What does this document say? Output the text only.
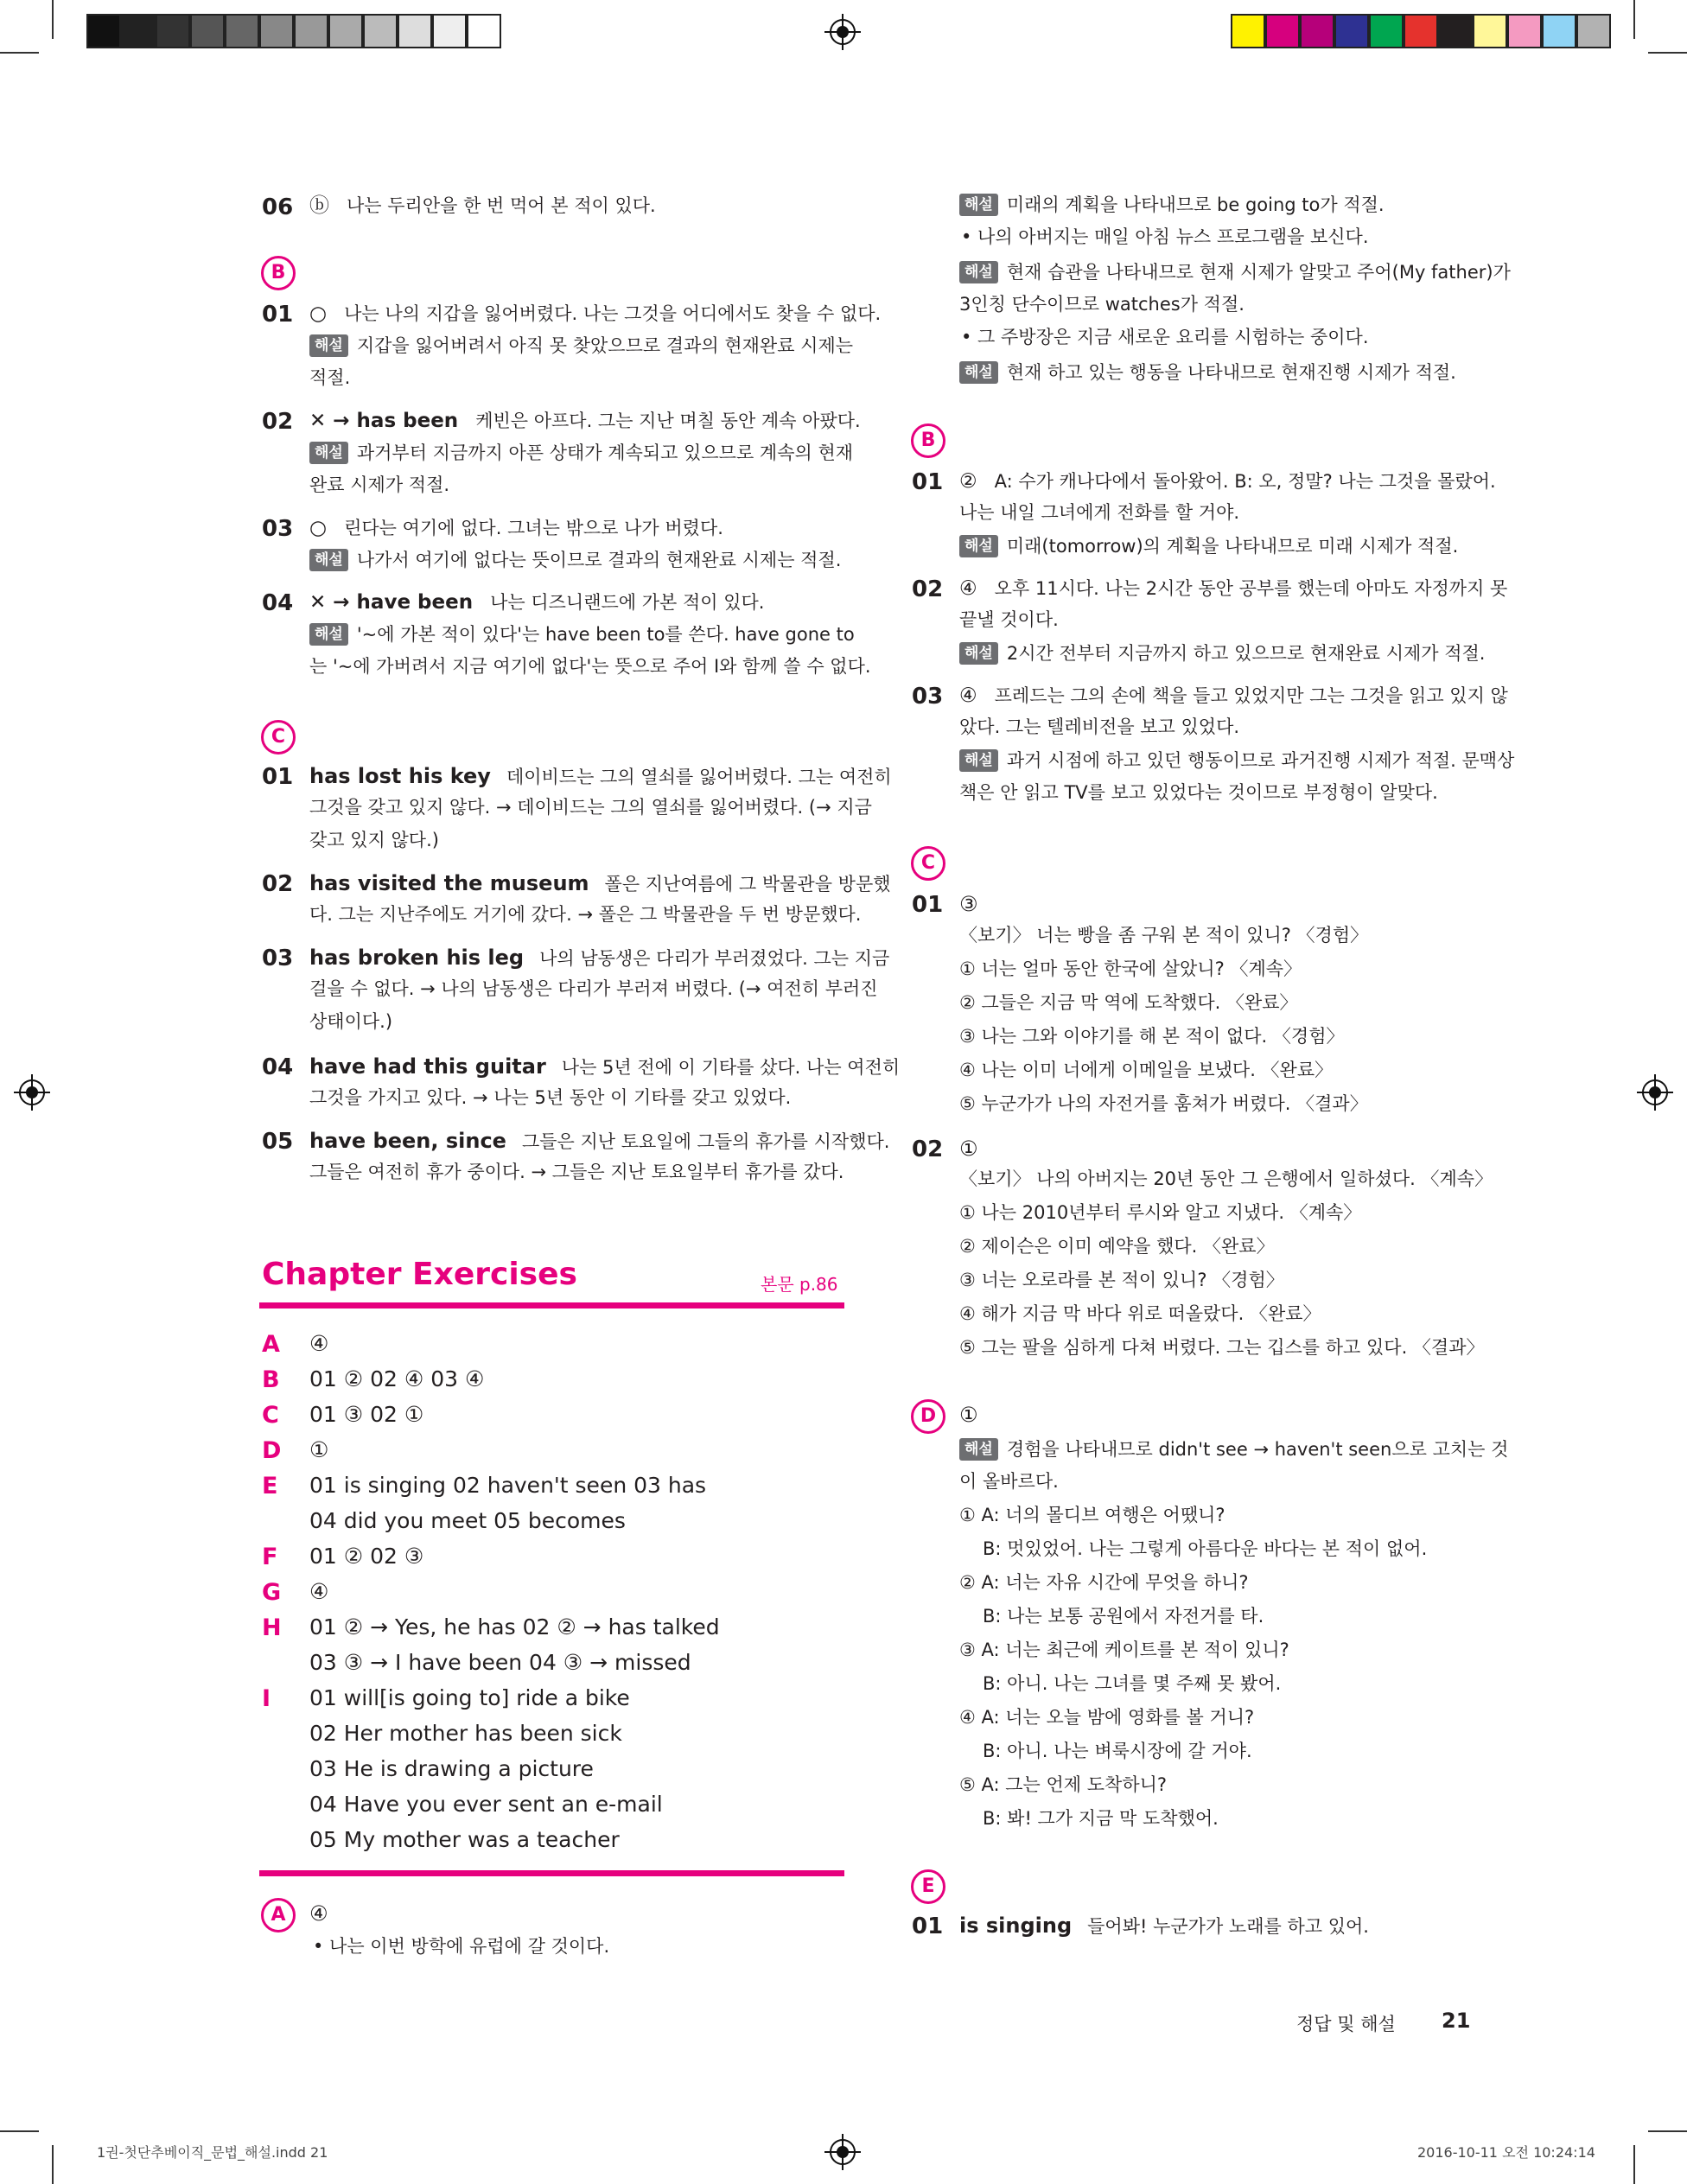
06 ⓑ 나는 두리안을 한 번 먹어 본 적이 있다.
B
01 ○ 나는 나의 지갑을 잃어버렸다. 나는 그것을 어디에서도 찾을 수 없다.
해설 지갑을 잃어버려서 아직 못 찾았으므로 결과의 현재완료 시제는
적절.
02 ✕ → has been 케빈은 아프다. 그는 지난 며칠 동안 계속 아팠다.
해설 과거부터 지금까지 아픈 상태가 계속되고 있으므로 계속의 현재
완료 시제가 적절.
03 ○ 린다는 여기에 없다. 그녀는 밖으로 나가 버렸다.
해설 나가서 여기에 없다는 뜻이므로 결과의 현재완료 시제는 적절.
04 ✕ → have been 나는 디즈니랜드에 가본 적이 있다.
해설 '~에 가본 적이 있다'는 have been to를 쓴다. have gone to
는 '~에 가버려서 지금 여기에 없다'는 뜻으로 주어 I와 함께 쓸 수 없다.
C
01 has lost his key 데이비드는 그의 열쇠를 잃어버렸다. 그는 여전히
그것을 갖고 있지 않다. → 데이비드는 그의 열쇠를 잃어버렸다. (→ 지금
갖고 있지 않다.)
02 has visited the museum 폴은 지난여름에 그 박물관을 방문했
다. 그는 지난주에도 거기에 갔다. → 폴은 그 박물관을 두 번 방문했다.
03 has broken his leg 나의 남동생은 다리가 부러졌었다. 그는 지금
걸을 수 없다. → 나의 남동생은 다리가 부러져 버렸다. (→ 여전히 부러진
상태이다.)
04 have had this guitar 나는 5년 전에 이 기타를 샀다. 나는 여전히
그것을 가지고 있다. → 나는 5년 동안 이 기타를 갖고 있었다.
05 have been, since 그들은 지난 토요일에 그들의 휴가를 시작했다.
그들은 여전히 휴가 중이다. → 그들은 지난 토요일부터 휴가를 갔다.
Chapter Exercises	본문 p.86
A ④
B 01 ② 02 ④ 03 ④
C 01 ③ 02 ①
D ①
E 01 is singing 02 haven't seen 03 has
04 did you meet 05 becomes
F 01 ② 02 ③
G ④
H 01 ② → Yes, he has 02 ② → has talked
03 ③ → I have been 04 ③ → missed
I 01 will[is going to] ride a bike
02 Her mother has been sick
03 He is drawing a picture
04 Have you ever sent an e-mail
05 My mother was a teacher
A	④
• 나는 이번 방학에 유럽에 갈 것이다.
해설 미래의 계획을 나타내므로 be going to가 적절.
• 나의 아버지는 매일 아침 뉴스 프로그램을 보신다.
해설 현재 습관을 나타내므로 현재 시제가 알맞고 주어(My father)가
3인칭 단수이므로 watches가 적절.
• 그 주방장은 지금 새로운 요리를 시험하는 중이다.
해설 현재 하고 있는 행동을 나타내므로 현재진행 시제가 적절.
B
01 ② A: 수가 캐나다에서 돌아왔어. B: 오, 정말? 나는 그것을 몰랐어.
나는 내일 그녀에게 전화를 할 거야.
해설 미래(tomorrow)의 계획을 나타내므로 미래 시제가 적절.
02 ④ 오후 11시다. 나는 2시간 동안 공부를 했는데 아마도 자정까지 못
끝낼 것이다.
해설 2시간 전부터 지금까지 하고 있으므로 현재완료 시제가 적절.
03 ④ 프레드는 그의 손에 책을 들고 있었지만 그는 그것을 읽고 있지 않
았다. 그는 텔레비전을 보고 있었다.
해설 과거 시점에 하고 있던 행동이므로 과거진행 시제가 적절. 문맥상
책은 안 읽고 TV를 보고 있었다는 것이므로 부정형이 알맞다.
C
01 ③
〈보기〉 너는 빵을 좀 구워 본 적이 있니? 〈경험〉
① 너는 얼마 동안 한국에 살았니? 〈계속〉
② 그들은 지금 막 역에 도착했다. 〈완료〉
③ 나는 그와 이야기를 해 본 적이 없다. 〈경험〉
④ 나는 이미 너에게 이메일을 보냈다. 〈완료〉
⑤ 누군가가 나의 자전거를 훔쳐가 버렸다. 〈결과〉
02 ①
〈보기〉 나의 아버지는 20년 동안 그 은행에서 일하셨다. 〈계속〉
① 나는 2010년부터 루시와 알고 지냈다. 〈계속〉
② 제이슨은 이미 예약을 했다. 〈완료〉
③ 너는 오로라를 본 적이 있니? 〈경험〉
④ 해가 지금 막 바다 위로 떠올랐다. 〈완료〉
⑤ 그는 팔을 심하게 다쳐 버렸다. 그는 깁스를 하고 있다. 〈결과〉
D	①
해설 경험을 나타내므로 didn't see → haven't seen으로 고치는 것
이 올바르다.
① A: 너의 몰디브 여행은 어땠니?
B: 멋있었어. 나는 그렇게 아름다운 바다는 본 적이 없어.
② A: 너는 자유 시간에 무엇을 하니?
B: 나는 보통 공원에서 자전거를 타.
③ A: 너는 최근에 케이트를 본 적이 있니?
B: 아니. 나는 그녀를 몇 주째 못 봤어.
④ A: 너는 오늘 밤에 영화를 볼 거니?
B: 아니. 나는 벼룩시장에 갈 거야.
⑤ A: 그는 언제 도착하니?
B: 봐! 그가 지금 막 도착했어.
E
01 is singing 들어봐! 누군가가 노래를 하고 있어.
정답 및 해설 21
1권-첫단추베이직_문법_해설.indd 21	2016-10-11 오전 10:24:14
